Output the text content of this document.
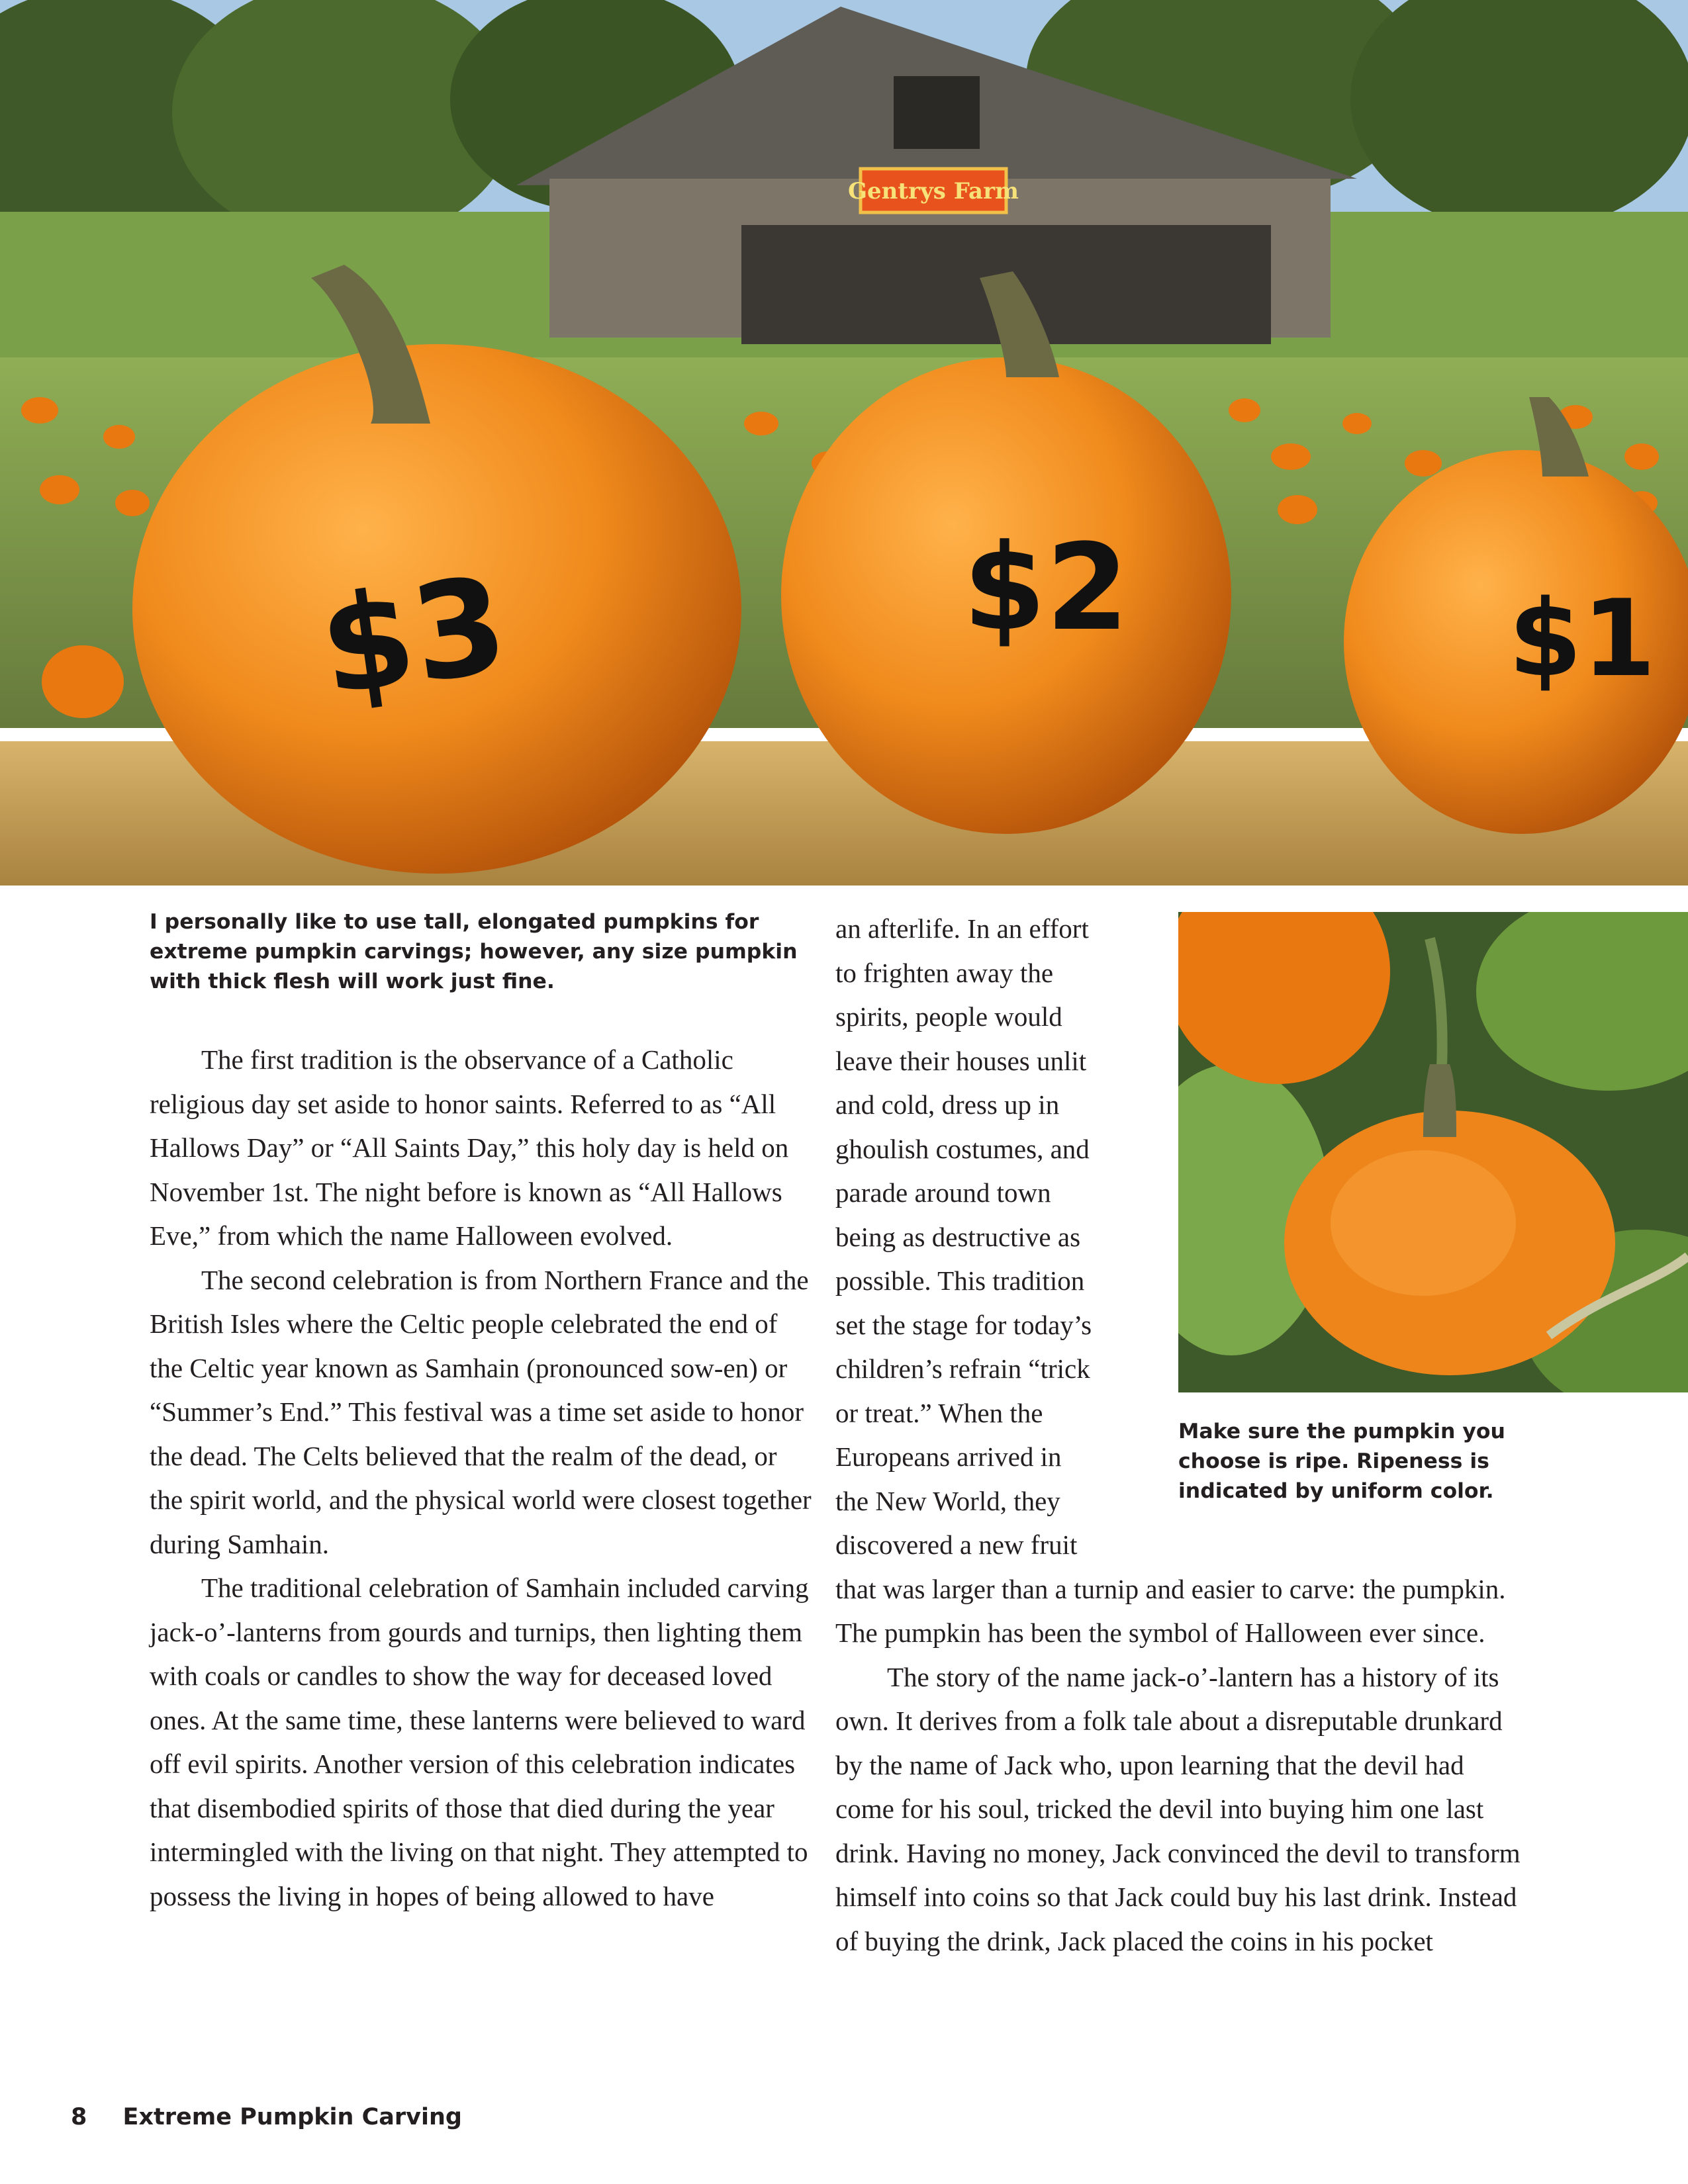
Gentrys Farm
$3	$2	$1
I personally like to use tall, elongated pumpkins for extreme pumpkin carvings; however, any size pumpkin with thick flesh will work just fine.

The first tradition is the observance of a Catholic religious day set aside to honor saints. Referred to as “All Hallows Day” or “All Saints Day,” this holy day is held on November 1st. The night before is known as “All Hallows Eve,” from which the name Halloween evolved.

The second celebration is from Northern France and the British Isles where the Celtic people celebrated the end of the Celtic year known as Samhain (pronounced sow-en) or “Summer’s End.” This festival was a time set aside to honor the dead. The Celts believed that the realm of the dead, or the spirit world, and the physical world were closest together during Samhain.

The traditional celebration of Samhain included carving jack-o’-lanterns from gourds and turnips, then lighting them with coals or candles to show the way for deceased loved ones. At the same time, these lanterns were believed to ward off evil spirits. Another version of this celebration indicates that disembodied spirits of those that died during the year intermingled with the living on that night. They attempted to possess the living in hopes of being allowed to have

an afterlife. In an effort
to frighten away the
spirits, people would
leave their houses unlit
and cold, dress up in
ghoulish costumes, and
parade around town
being as destructive as
possible. This tradition
set the stage for today’s
children’s refrain “trick
or treat.” When the
Europeans arrived in
the New World, they
discovered a new fruit

that was larger than a turnip and easier to carve: the pumpkin. The pumpkin has been the symbol of Halloween ever since.

The story of the name jack-o’-lantern has a history of its own. It derives from a folk tale about a disreputable drunkard by the name of Jack who, upon learning that the devil had come for his soul, tricked the devil into buying him one last drink. Having no money, Jack convinced the devil to transform himself into coins so that Jack could buy his last drink. Instead of buying the drink, Jack placed the coins in his pocket

Make sure the pumpkin you choose is ripe. Ripeness is indicated by uniform color.
8 Extreme Pumpkin Carving
